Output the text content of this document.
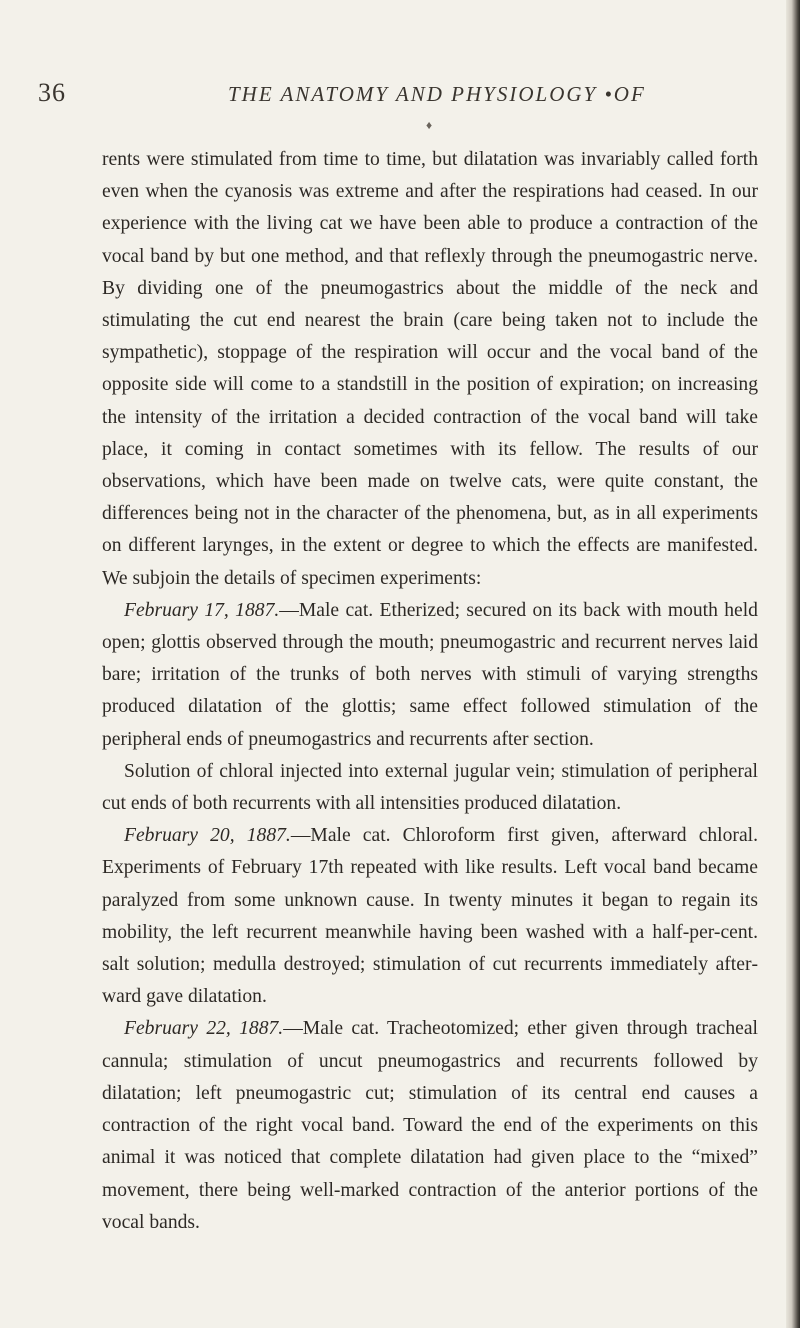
36	THE ANATOMY AND PHYSIOLOGY •OF
♦

rents were stimulated from time to time, but dilatation was invariably called forth even when the cyanosis was extreme and after the respirations had ceased. In our experience with the living cat we have been able to produce a contraction of the vocal band by but one method, and that reflexly through the pneumogastric nerve. By dividing one of the pneumogastrics about the middle of the neck and stimulating the cut end nearest the brain (care being taken not to include the sympathetic), stoppage of the respiration will occur and the vocal band of the opposite side will come to a standstill in the position of expiration; on increasing the intensity of the irritation a decided contraction of the vocal band will take place, it coming in contact sometimes with its fellow. The results of our observations, which have been made on twelve cats, were quite constant, the differences being not in the character of the phenomena, but, as in all experiments on different larynges, in the extent or degree to which the effects are manifested. We subjoin the details of specimen experiments:

February 17, 1887.—Male cat. Etherized; secured on its back with mouth held open; glottis observed through the mouth; pneumogastric and recurrent nerves laid bare; irritation of the trunks of both nerves with stimuli of varying strengths produced dilatation of the glottis; same effect followed stimulation of the peripheral ends of pneumogastrics and recurrents after section.

Solution of chloral injected into external jugular vein; stimulation of peripheral cut ends of both recurrents with all intensities produced dilatation.

February 20, 1887.—Male cat. Chloroform first given, afterward chloral. Experiments of February 17th repeated with like results. Left vocal band became paralyzed from some unknown cause. In twenty minutes it began to regain its mobility, the left recurrent meanwhile having been washed with a half-per-cent. salt solution; medulla destroyed; stimulation of cut recurrents immediately afterward gave dilatation.

February 22, 1887.—Male cat. Tracheotomized; ether given through tracheal cannula; stimulation of uncut pneumogastrics and recurrents followed by dilatation; left pneumogastric cut; stimulation of its central end causes a contraction of the right vocal band. Toward the end of the experiments on this animal it was noticed that complete dilatation had given place to the “mixed” movement, there being well-marked contraction of the anterior portions of the vocal bands.
